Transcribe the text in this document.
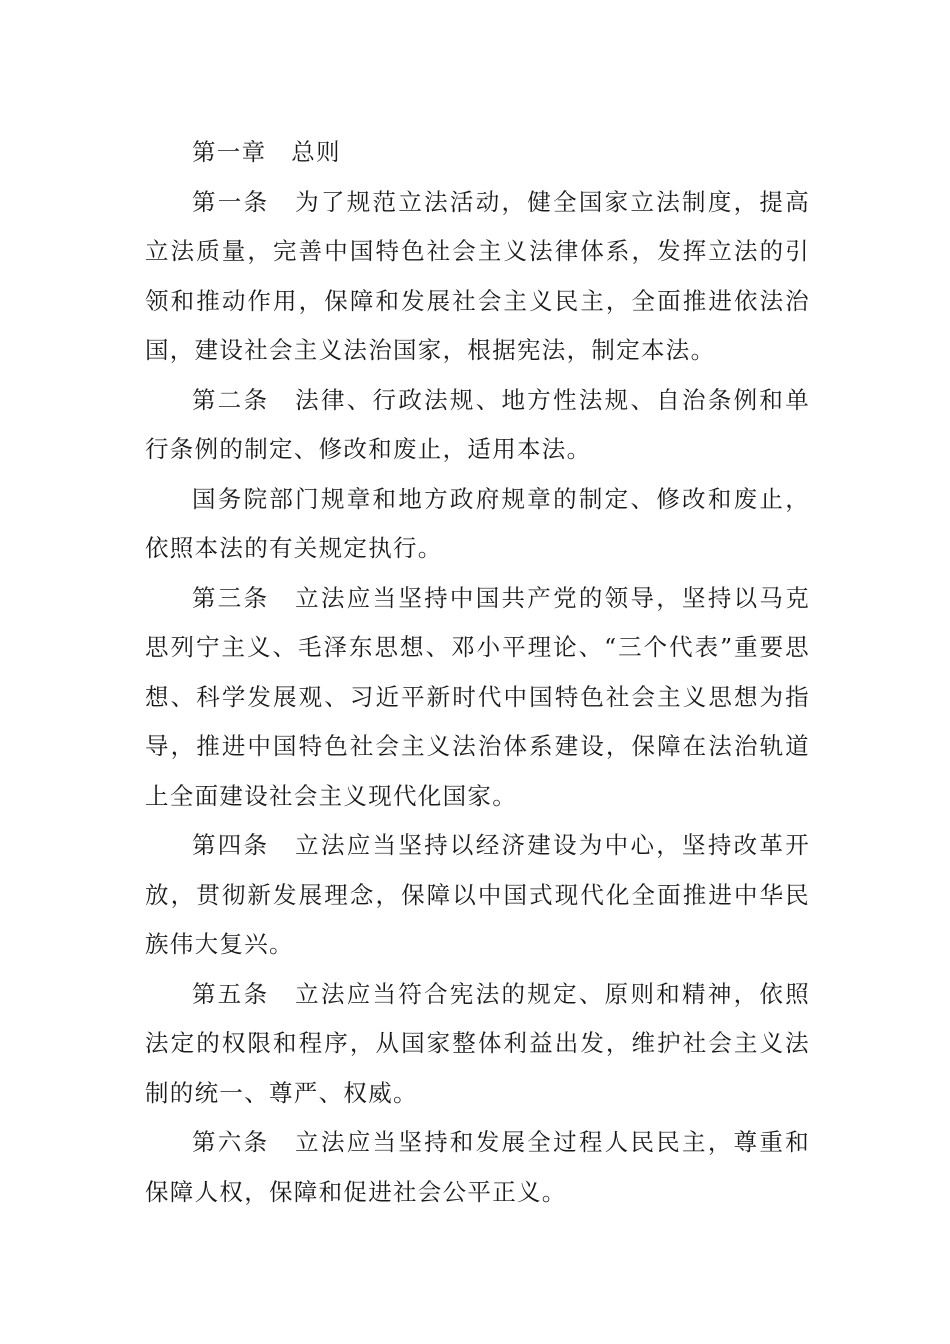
第一章　总则

第一条　为了规范立法活动，健全国家立法制度，提高立法质量，完善中国特色社会主义法律体系，发挥立法的引领和推动作用，保障和发展社会主义民主，全面推进依法治国，建设社会主义法治国家，根据宪法，制定本法。

第二条　法律、行政法规、地方性法规、自治条例和单行条例的制定、修改和废止，适用本法。

国务院部门规章和地方政府规章的制定、修改和废止，依照本法的有关规定执行。

第三条　立法应当坚持中国共产党的领导，坚持以马克思列宁主义、毛泽东思想、邓小平理论、“三个代表”重要思想、科学发展观、习近平新时代中国特色社会主义思想为指导，推进中国特色社会主义法治体系建设，保障在法治轨道上全面建设社会主义现代化国家。

第四条　立法应当坚持以经济建设为中心，坚持改革开放，贯彻新发展理念，保障以中国式现代化全面推进中华民族伟大复兴。

第五条　立法应当符合宪法的规定、原则和精神，依照法定的权限和程序，从国家整体利益出发，维护社会主义法制的统一、尊严、权威。

第六条　立法应当坚持和发展全过程人民民主，尊重和保障人权，保障和促进社会公平正义。
